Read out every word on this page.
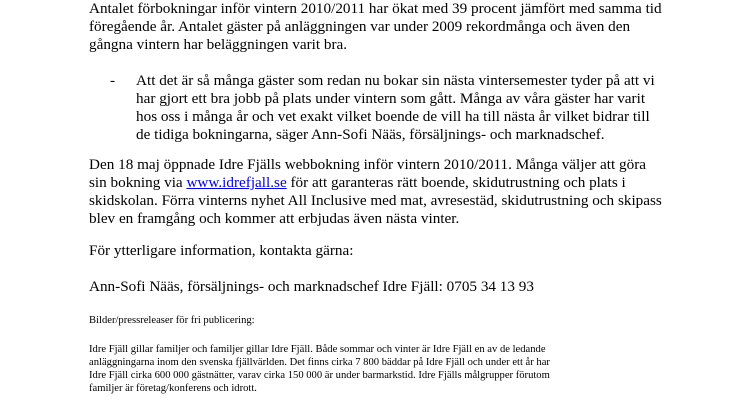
Antalet förbokningar inför vintern 2010/2011 har ökat med 39 procent jämfört med samma tid
föregående år. Antalet gäster på anläggningen var under 2009 rekordmånga och även den
gångna vintern har beläggningen varit bra.
- Att det är så många gäster som redan nu bokar sin nästa vintersemester tyder på att vi
har gjort ett bra jobb på plats under vintern som gått. Många av våra gäster har varit
hos oss i många år och vet exakt vilket boende de vill ha till nästa år vilket bidrar till
de tidiga bokningarna, säger Ann-Sofi Nääs, försäljnings- och marknadschef.
Den 18 maj öppnade Idre Fjälls webbokning inför vintern 2010/2011. Många väljer att göra
sin bokning via www.idrefjall.se för att garanteras rätt boende, skidutrustning och plats i
skidskolan. Förra vinterns nyhet All Inclusive med mat, avresestäd, skidutrustning och skipass
blev en framgång och kommer att erbjudas även nästa vinter.
För ytterligare information, kontakta gärna:
Ann-Sofi Nääs, försäljnings- och marknadschef Idre Fjäll: 0705 34 13 93
Bilder/pressreleaser för fri publicering:
Idre Fjäll gillar familjer och familjer gillar Idre Fjäll. Både sommar och vinter är Idre Fjäll en av de ledande
anläggningarna inom den svenska fjällvärlden. Det finns cirka 7 800 bäddar på Idre Fjäll och under ett år har
Idre Fjäll cirka 600 000 gästnätter, varav cirka 150 000 är under barmarkstid. Idre Fjälls målgrupper förutom
familjer är företag/konferens och idrott.
